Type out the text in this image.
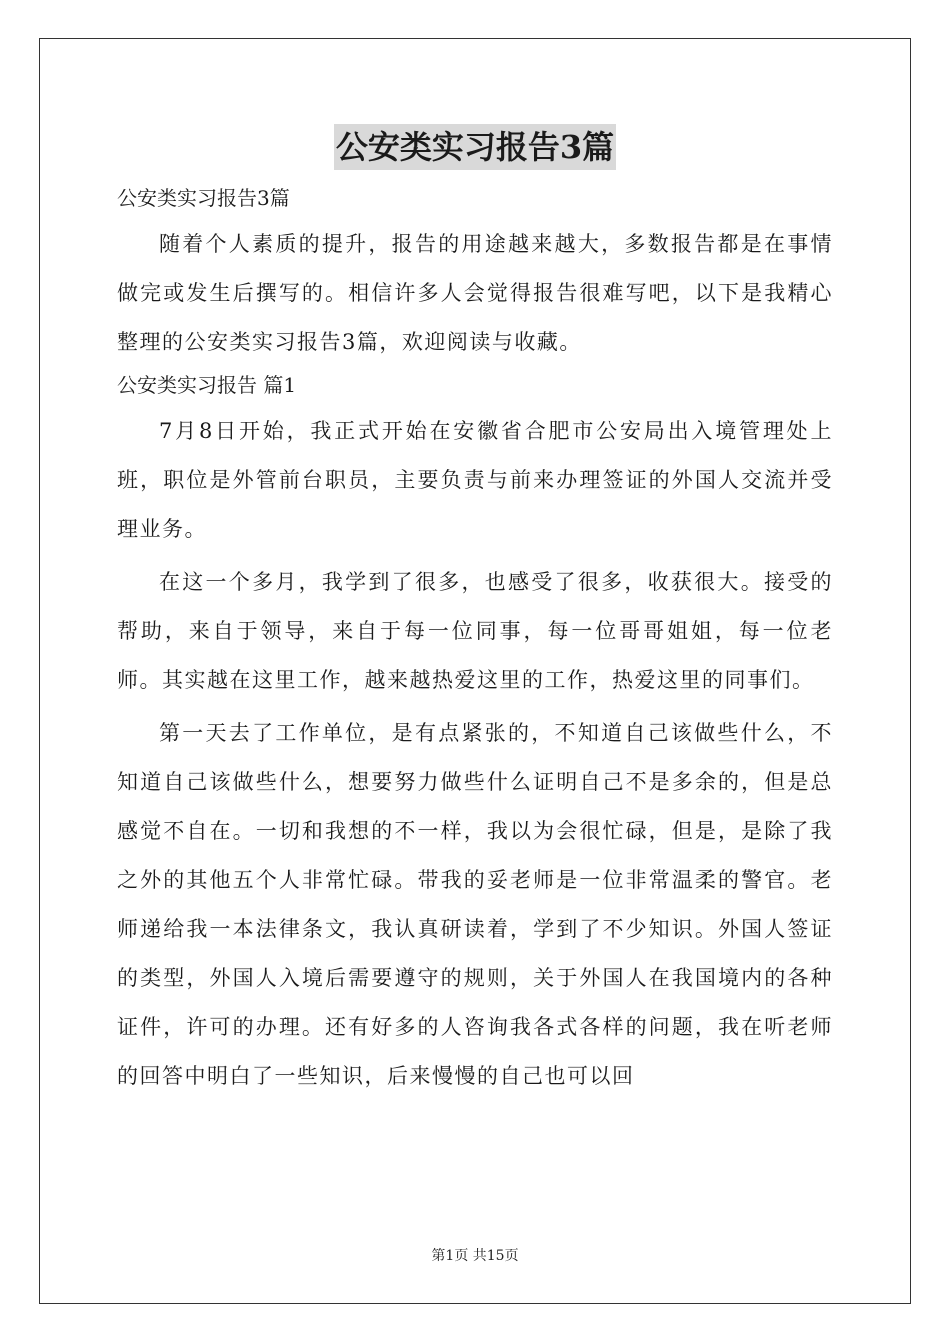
公安类实习报告3篇
公安类实习报告3篇

随着个人素质的提升，报告的用途越来越大，多数报告都是在事情做完或发生后撰写的。相信许多人会觉得报告很难写吧，以下是我精心整理的公安类实习报告3篇，欢迎阅读与收藏。

公安类实习报告 篇1

7月8日开始，我正式开始在安徽省合肥市公安局出入境管理处上班，职位是外管前台职员，主要负责与前来办理签证的外国人交流并受理业务。

在这一个多月，我学到了很多，也感受了很多，收获很大。接受的帮助，来自于领导，来自于每一位同事，每一位哥哥姐姐，每一位老师。其实越在这里工作，越来越热爱这里的工作，热爱这里的同事们。

第一天去了工作单位，是有点紧张的，不知道自己该做些什么，不知道自己该做些什么，想要努力做些什么证明自己不是多余的，但是总感觉不自在。一切和我想的不一样，我以为会很忙碌，但是，是除了我之外的其他五个人非常忙碌。带我的妥老师是一位非常温柔的警官。老师递给我一本法律条文，我认真研读着，学到了不少知识。外国人签证的类型，外国人入境后需要遵守的规则，关于外国人在我国境内的各种证件，许可的办理。还有好多的人咨询我各式各样的问题，我在听老师的回答中明白了一些知识，后来慢慢的自己也可以回

第1页 共15页
